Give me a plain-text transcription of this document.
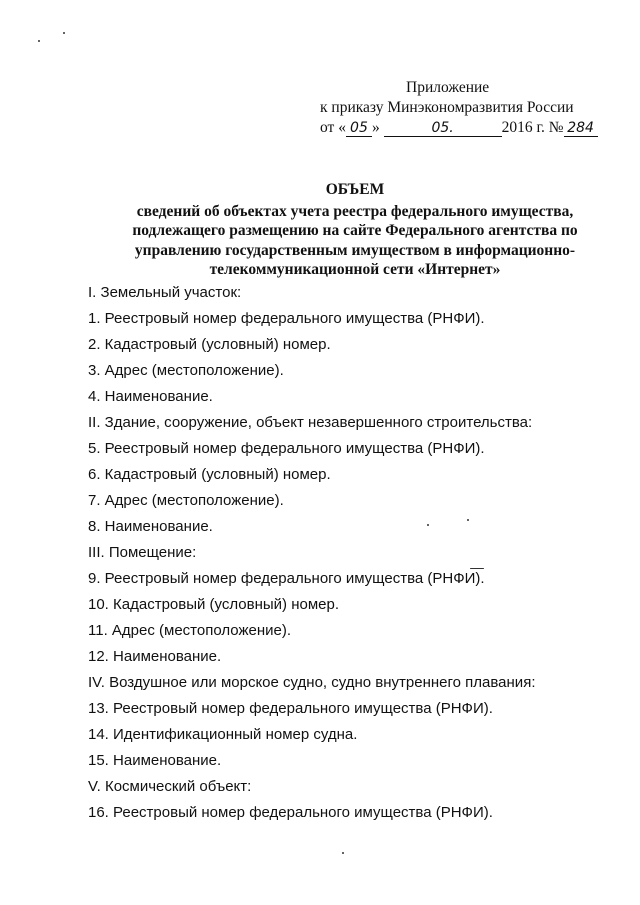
Приложение
к приказу Минэкономразвития России
от « 05 »	05.	2016 г. № 284
ОБЪЕМ
сведений об объектах учета реестра федерального имущества,
подлежащего размещению на сайте Федерального агентства по
управлению государственным имуществом в информационно-
телекоммуникационной сети «Интернет»
I. Земельный участок:
1. Реестровый номер федерального имущества (РНФИ).
2. Кадастровый (условный) номер.
3. Адрес (местоположение).
4. Наименование.
II. Здание, сооружение, объект незавершенного строительства:
5. Реестровый номер федерального имущества (РНФИ).
6. Кадастровый (условный) номер.
7. Адрес (местоположение).
8. Наименование.
III. Помещение:
9. Реестровый номер федерального имущества (РНФИ).
10. Кадастровый (условный) номер.
11. Адрес (местоположение).
12. Наименование.
IV. Воздушное или морское судно, судно внутреннего плавания:
13. Реестровый номер федерального имущества (РНФИ).
14. Идентификационный номер судна.
15. Наименование.
V. Космический объект:
16. Реестровый номер федерального имущества (РНФИ).
